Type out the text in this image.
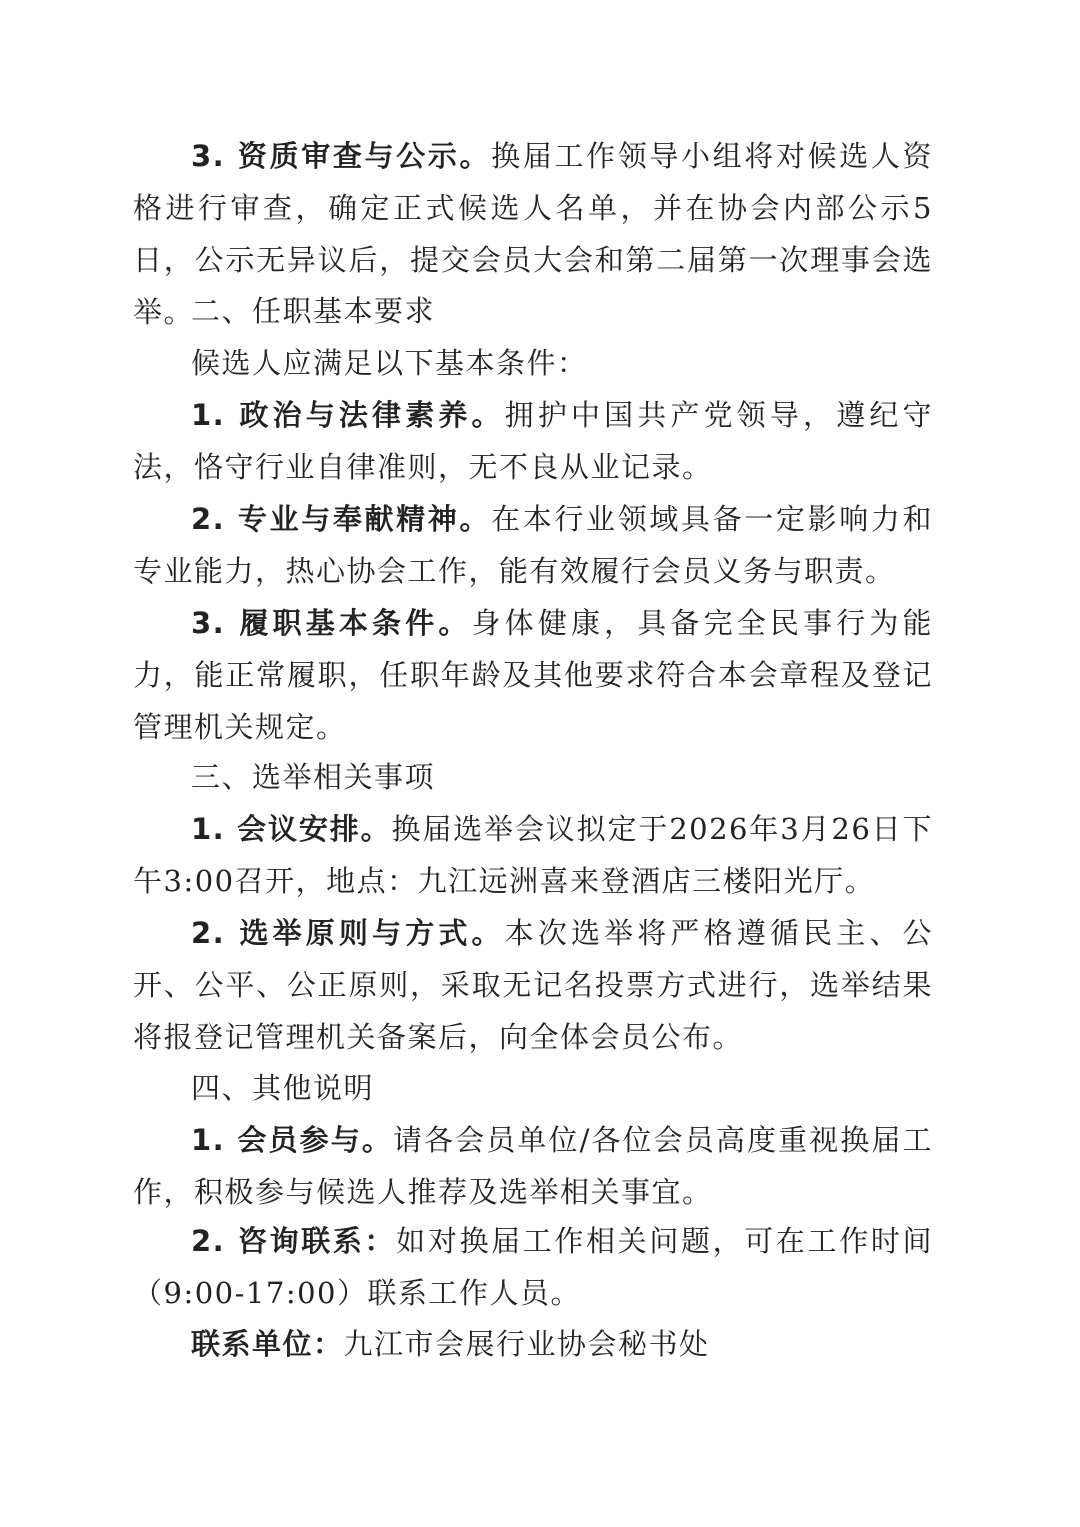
3. 资质审查与公示。换届工作领导小组将对候选人资格进行审查，确定正式候选人名单，并在协会内部公示5日，公示无异议后，提交会员大会和第二届第一次理事会选举。

二、任职基本要求

候选人应满足以下基本条件：

1. 政治与法律素养。拥护中国共产党领导，遵纪守法，恪守行业自律准则，无不良从业记录。

2. 专业与奉献精神。在本行业领域具备一定影响力和专业能力，热心协会工作，能有效履行会员义务与职责。

3. 履职基本条件。身体健康，具备完全民事行为能力，能正常履职，任职年龄及其他要求符合本会章程及登记管理机关规定。

三、选举相关事项

1. 会议安排。换届选举会议拟定于2026年3月26日下午3:00召开，地点：九江远洲喜来登酒店三楼阳光厅。

2. 选举原则与方式。本次选举将严格遵循民主、公开、公平、公正原则，采取无记名投票方式进行，选举结果将报登记管理机关备案后，向全体会员公布。

四、其他说明

1. 会员参与。请各会员单位/各位会员高度重视换届工作，积极参与候选人推荐及选举相关事宜。

2. 咨询联系：如对换届工作相关问题，可在工作时间（9:00-17:00）联系工作人员。

联系单位：九江市会展行业协会秘书处
